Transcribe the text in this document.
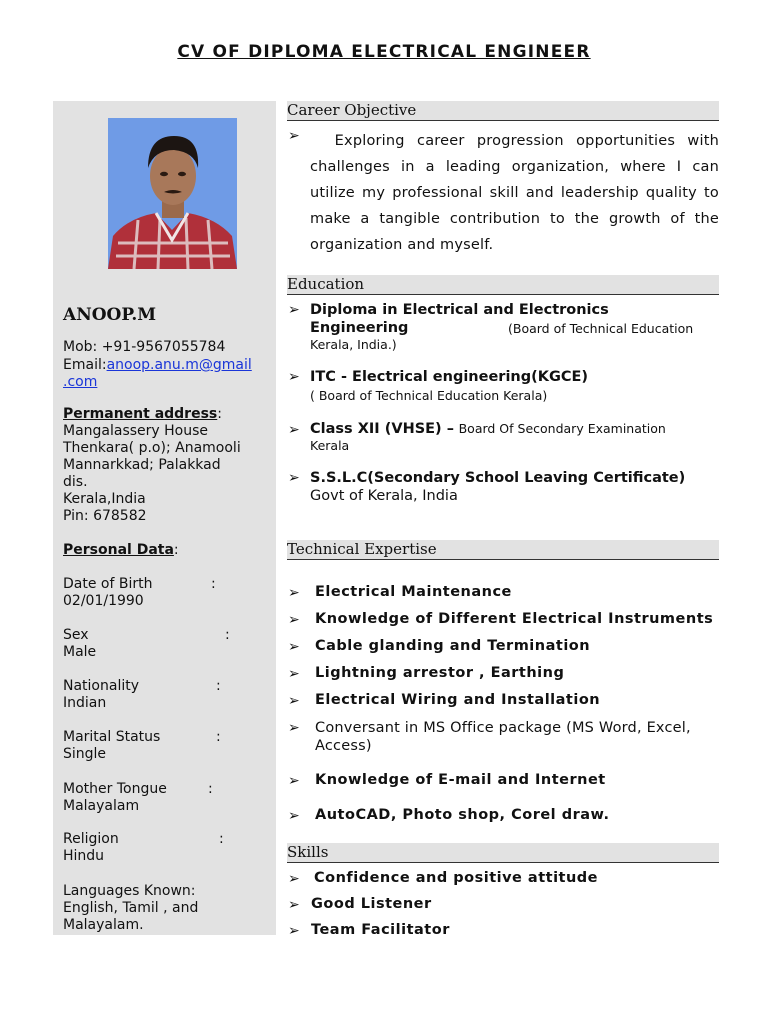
CV OF DIPLOMA ELECTRICAL ENGINEER
ANOOP.M
Mob: +91-9567055784
Email:anoop.anu.m@gmail
.com
Permanent address:
Mangalassery House
Thenkara( p.o); Anamooli
Mannarkkad; Palakkad
dis.
Kerala,India
Pin: 678582
Personal Data:
Date of Birth	:

02/01/1990
Sex	:

Male
Nationality	:

Indian
Marital Status	:

Single
Mother Tongue	:

Malayalam
Religion	:

Hindu
Languages Known:
English, Tamil , and
Malayalam.
Career Objective
➢	Exploring career progression opportunities with challenges in a leading organization, where I can utilize my professional skill and leadership quality to make a tangible contribution to the growth of the organization and myself.
Education
➢ Diploma in Electrical and Electronics
Engineering	(Board of Technical Education
Kerala, India.)
➢ ITC - Electrical engineering(KGCE)
( Board of Technical Education Kerala)
➢ Class XII (VHSE) – Board Of Secondary Examination
Kerala
➢ S.S.L.C(Secondary School Leaving Certificate)
Govt of Kerala, India
Technical Expertise
➢ Electrical Maintenance
➢ Knowledge of Different Electrical Instruments
➢ Cable glanding and Termination
➢ Lightning arrestor , Earthing
➢ Electrical Wiring and Installation
➢ Conversant in MS Office package (MS Word, Excel,
Access)
➢ Knowledge of E-mail and Internet
➢ AutoCAD, Photo shop, Corel draw.
Skills
➢ Confidence and positive attitude
➢ Good Listener
➢ Team Facilitator
